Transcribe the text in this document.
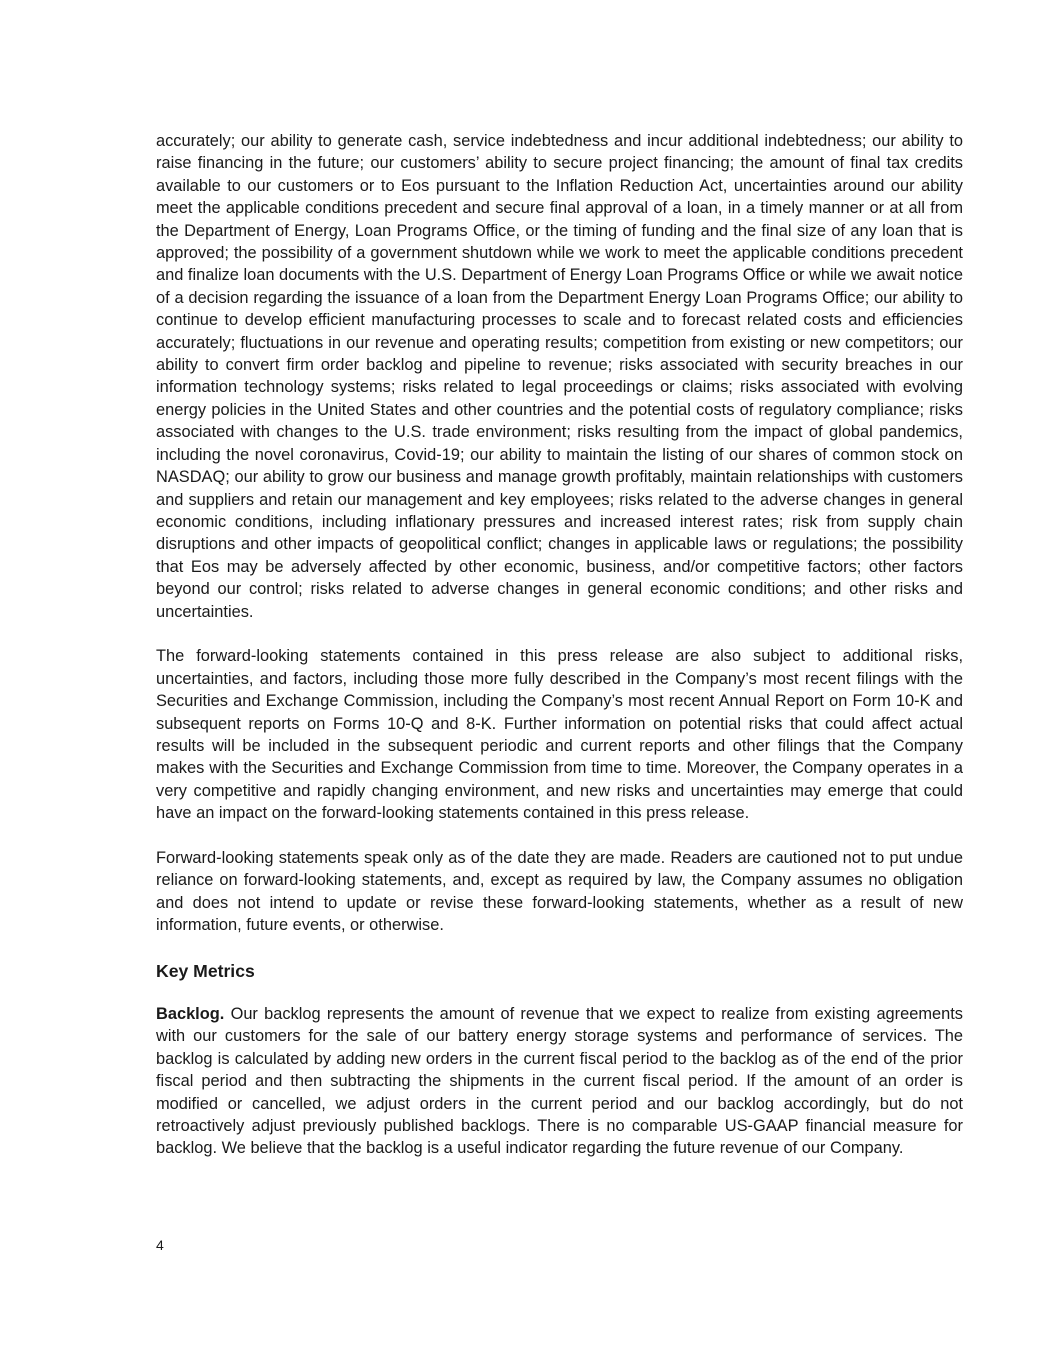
accurately; our ability to generate cash, service indebtedness and incur additional indebtedness; our ability to raise financing in the future; our customers’ ability to secure project financing; the amount of final tax credits available to our customers or to Eos pursuant to the Inflation Reduction Act, uncertainties around our ability meet the applicable conditions precedent and secure final approval of a loan, in a timely manner or at all from the Department of Energy, Loan Programs Office, or the timing of funding and the final size of any loan that is approved; the possibility of a government shutdown while we work to meet the applicable conditions precedent and finalize loan documents with the U.S. Department of Energy Loan Programs Office or while we await notice of a decision regarding the issuance of a loan from the Department Energy Loan Programs Office; our ability to continue to develop efficient manufacturing processes to scale and to forecast related costs and efficiencies accurately; fluctuations in our revenue and operating results; competition from existing or new competitors; our ability to convert firm order backlog and pipeline to revenue; risks associated with security breaches in our information technology systems; risks related to legal proceedings or claims; risks associated with evolving energy policies in the United States and other countries and the potential costs of regulatory compliance; risks associated with changes to the U.S. trade environment; risks resulting from the impact of global pandemics, including the novel coronavirus, Covid-19; our ability to maintain the listing of our shares of common stock on NASDAQ; our ability to grow our business and manage growth profitably, maintain relationships with customers and suppliers and retain our management and key employees; risks related to the adverse changes in general economic conditions, including inflationary pressures and increased interest rates; risk from supply chain disruptions and other impacts of geopolitical conflict; changes in applicable laws or regulations; the possibility that Eos may be adversely affected by other economic, business, and/or competitive factors; other factors beyond our control; risks related to adverse changes in general economic conditions; and other risks and uncertainties.

The forward-looking statements contained in this press release are also subject to additional risks, uncertainties, and factors, including those more fully described in the Company’s most recent filings with the Securities and Exchange Commission, including the Company’s most recent Annual Report on Form 10-K and subsequent reports on Forms 10-Q and 8-K. Further information on potential risks that could affect actual results will be included in the subsequent periodic and current reports and other filings that the Company makes with the Securities and Exchange Commission from time to time. Moreover, the Company operates in a very competitive and rapidly changing environment, and new risks and uncertainties may emerge that could have an impact on the forward-looking statements contained in this press release.

Forward-looking statements speak only as of the date they are made. Readers are cautioned not to put undue reliance on forward-looking statements, and, except as required by law, the Company assumes no obligation and does not intend to update or revise these forward-looking statements, whether as a result of new information, future events, or otherwise.

Key Metrics

Backlog. Our backlog represents the amount of revenue that we expect to realize from existing agreements with our customers for the sale of our battery energy storage systems and performance of services. The backlog is calculated by adding new orders in the current fiscal period to the backlog as of the end of the prior fiscal period and then subtracting the shipments in the current fiscal period. If the amount of an order is modified or cancelled, we adjust orders in the current period and our backlog accordingly, but do not retroactively adjust previously published backlogs. There is no comparable US-GAAP financial measure for backlog. We believe that the backlog is a useful indicator regarding the future revenue of our Company.

4
